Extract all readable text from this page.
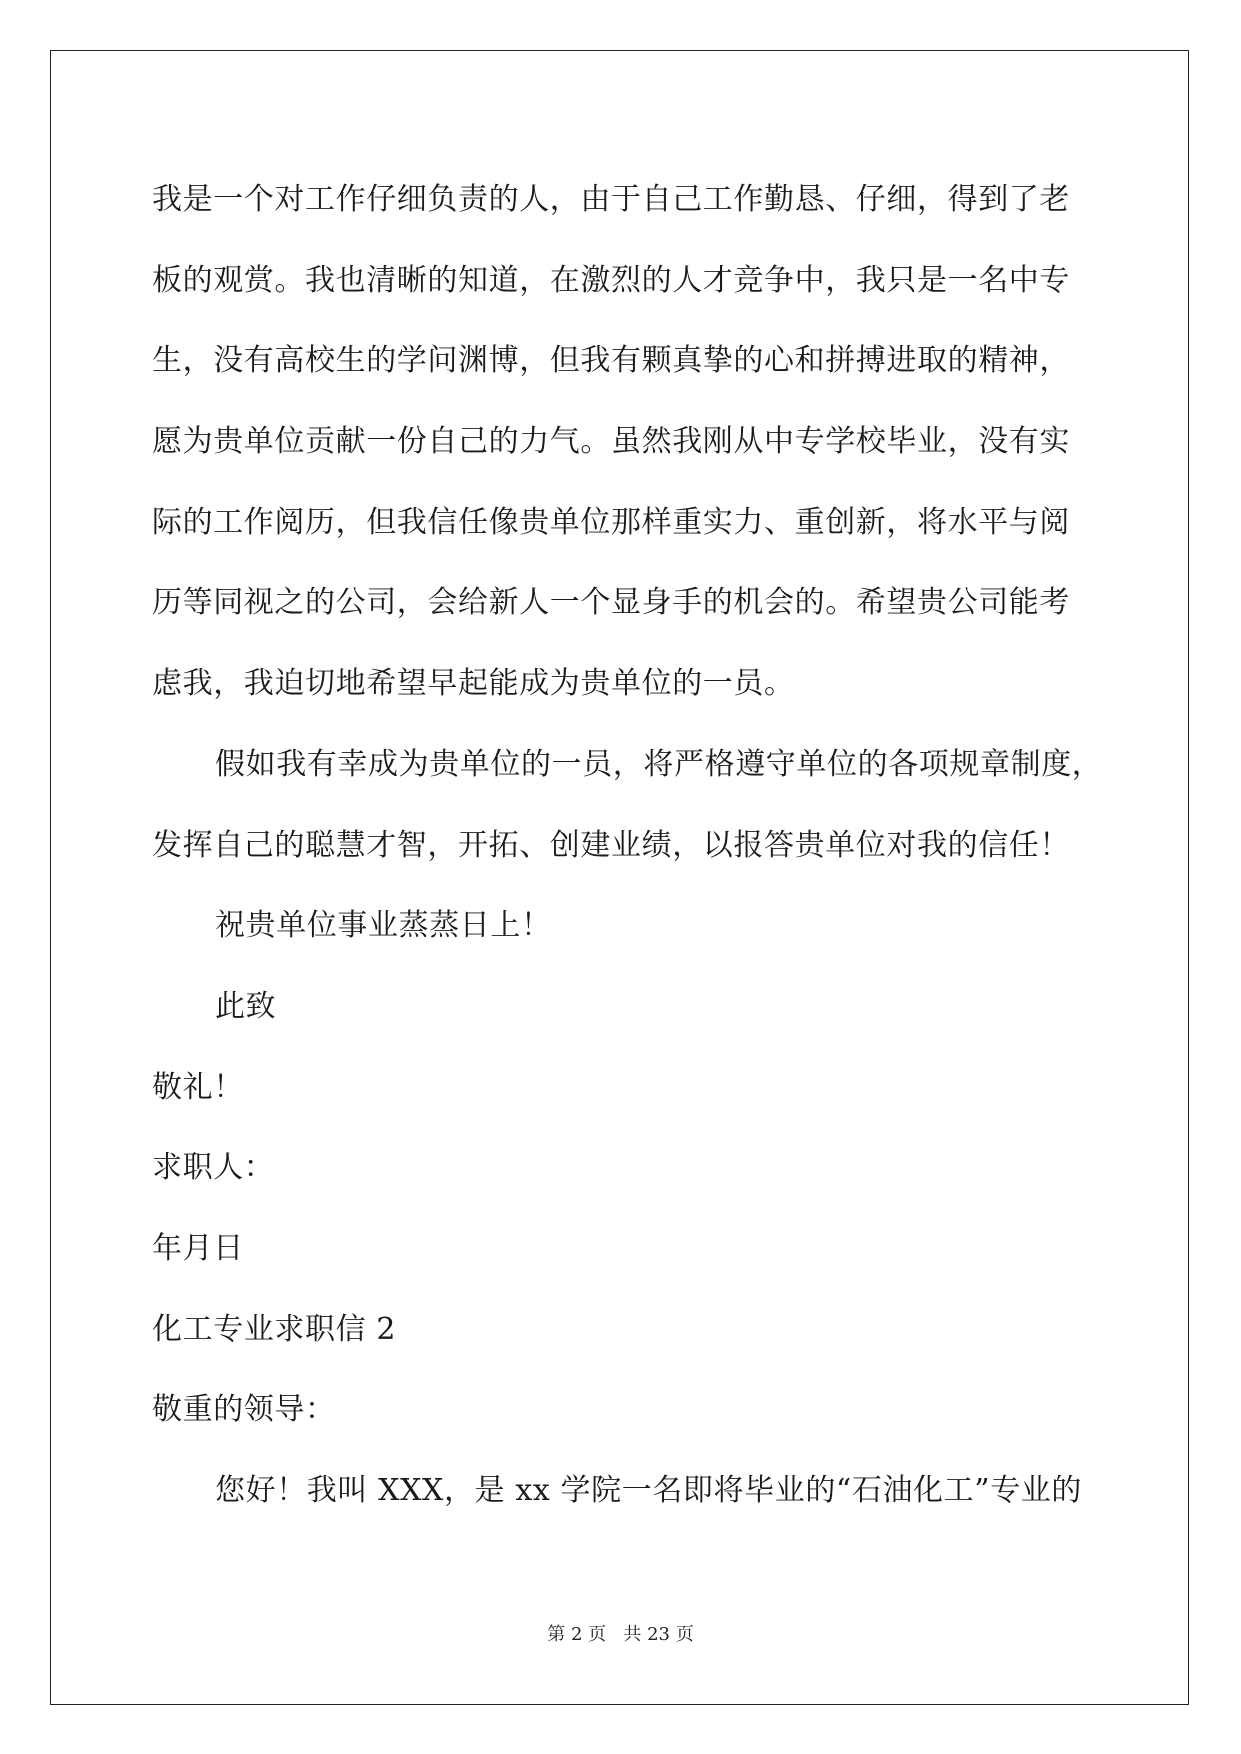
我是一个对工作仔细负责的人，由于自己工作勤恳、仔细，得到了老
板的观赏。我也清晰的知道，在激烈的人才竞争中，我只是一名中专
生，没有高校生的学问渊博，但我有颗真挚的心和拼搏进取的精神，
愿为贵单位贡献一份自己的力气。虽然我刚从中专学校毕业，没有实
际的工作阅历，但我信任像贵单位那样重实力、重创新，将水平与阅
历等同视之的公司，会给新人一个显身手的机会的。希望贵公司能考
虑我，我迫切地希望早起能成为贵单位的一员。
假如我有幸成为贵单位的一员，将严格遵守单位的各项规章制度，
发挥自己的聪慧才智，开拓、创建业绩，以报答贵单位对我的信任！
祝贵单位事业蒸蒸日上！
此致
敬礼！
求职人：
年月日
化工专业求职信 2
敬重的领导：
您好！我叫 XXX，是 xx 学院一名即将毕业的“石油化工”专业的
第 2 页   共 23 页
